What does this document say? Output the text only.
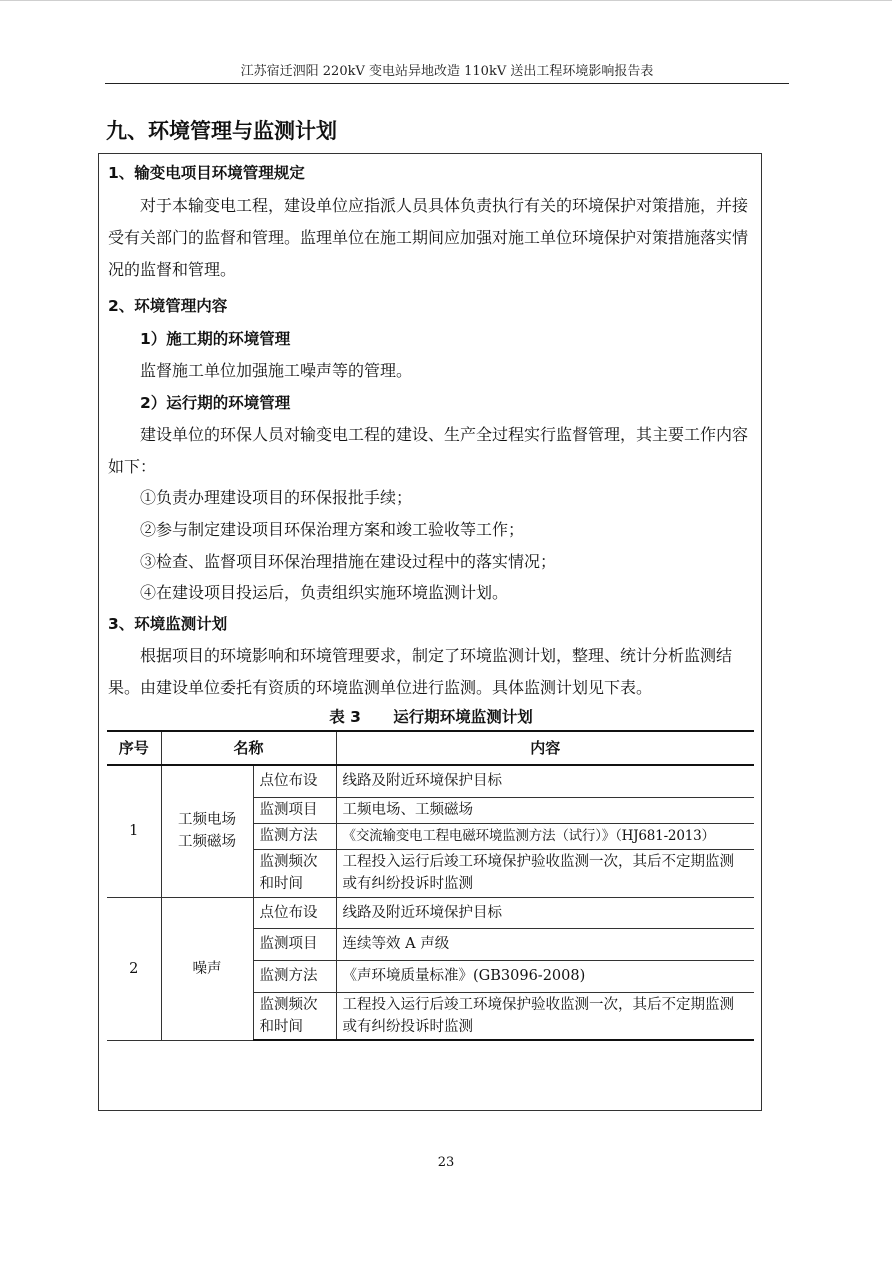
江苏宿迁泗阳 220kV 变电站异地改造 110kV 送出工程环境影响报告表
九、环境管理与监测计划

1、输变电项目环境管理规定

对于本输变电工程，建设单位应指派人员具体负责执行有关的环境保护对策措施，并接受有关部门的监督和管理。监理单位在施工期间应加强对施工单位环境保护对策措施落实情况的监督和管理。

2、环境管理内容

1）施工期的环境管理

监督施工单位加强施工噪声等的管理。

2）运行期的环境管理

建设单位的环保人员对输变电工程的建设、生产全过程实行监督管理，其主要工作内容如下：

①负责办理建设项目的环保报批手续；

②参与制定建设项目环保治理方案和竣工验收等工作；

③检查、监督项目环保治理措施在建设过程中的落实情况；

④在建设项目投运后，负责组织实施环境监测计划。

3、环境监测计划

根据项目的环境影响和环境管理要求，制定了环境监测计划，整理、统计分析监测结果。由建设单位委托有资质的环境监测单位进行监测。具体监测计划见下表。

表 3      运行期环境监测计划
序号	名称		内容
1	工频电场
工频磁场	点位布设	线路及附近环境保护目标
		监测项目	工频电场、工频磁场
		监测方法	《交流输变电工程电磁环境监测方法（试行）》（HJ681-2013）
		监测频次
和时间	工程投入运行后竣工环境保护验收监测一次，其后不定期监测或有纠纷投诉时监测
2	噪声	点位布设	线路及附近环境保护目标
		监测项目	连续等效 A 声级
		监测方法	《声环境质量标准》(GB3096-2008)
		监测频次
和时间	工程投入运行后竣工环境保护验收监测一次，其后不定期监测或有纠纷投诉时监测
23
